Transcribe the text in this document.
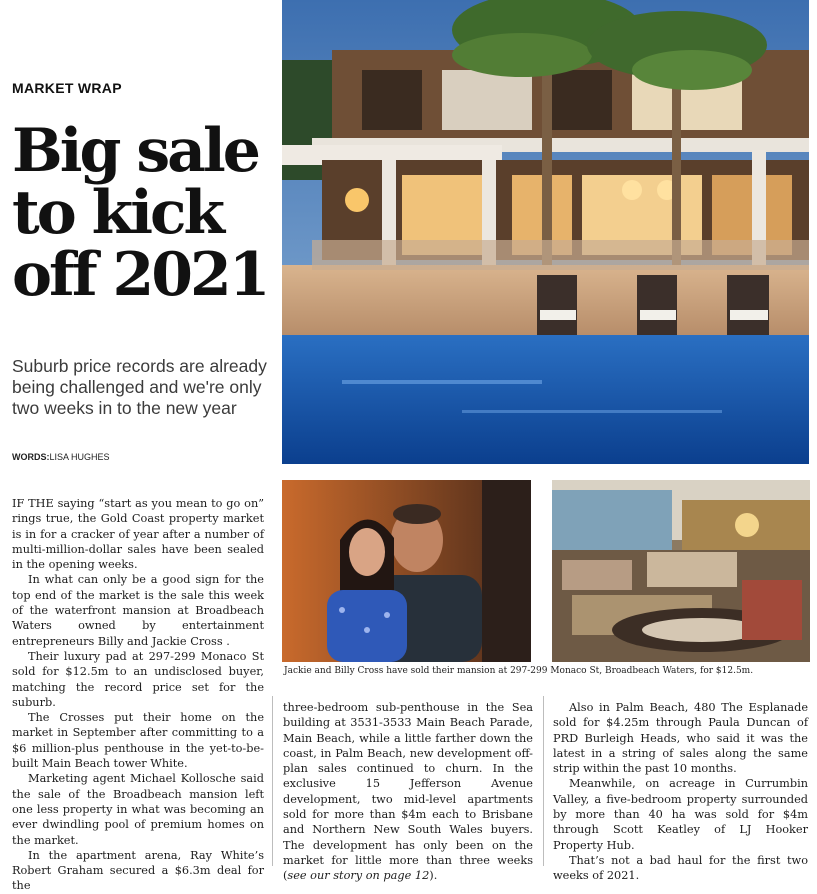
MARKET WRAP
Big sale
to kick
off 2021
Suburb price records are already being challenged and we're only two weeks in to the new year
WORDS:LISA HUGHES
Jackie and Billy Cross have sold their mansion at 297-299 Monaco St, Broadbeach Waters, for $12.5m.

IF THE saying “start as you mean to go on” rings true, the Gold Coast property market is in for a cracker of year after a number of multi-million-dollar sales have been sealed in the opening weeks.

In what can only be a good sign for the top end of the market is the sale this week of the waterfront mansion at Broadbeach Waters owned by entertainment entrepreneurs Billy and Jackie Cross .

Their luxury pad at 297-299 Monaco St sold for $12.5m to an undisclosed buyer, matching the record price set for the suburb.

The Crosses put their home on the market in September after committing to a $6 million-plus penthouse in the yet-to-be-built Main Beach tower White.

Marketing agent Michael Kollosche said the sale of the Broadbeach mansion left one less property in what was becoming an ever dwindling pool of premium homes on the market.

In the apartment arena, Ray White’s Robert Graham secured a $6.3m deal for the

three-bedroom sub-penthouse in the Sea building at 3531-3533 Main Beach Parade, Main Beach, while a little farther down the coast, in Palm Beach, new development off-plan sales continued to churn. In the exclusive 15 Jefferson Avenue development, two mid-level apartments sold for more than $4m each to Brisbane and Northern New South Wales buyers. The development has only been on the market for little more than three weeks (see our story on page 12).

Also in Palm Beach, 480 The Esplanade sold for $4.25m through Paula Duncan of PRD Burleigh Heads, who said it was the latest in a string of sales along the same strip within the past 10 months.

Meanwhile, on acreage in Currumbin Valley, a five-bedroom property surrounded by more than 40 ha was sold for $4m through Scott Keatley of LJ Hooker Property Hub.

That’s not a bad haul for the first two weeks of 2021.
